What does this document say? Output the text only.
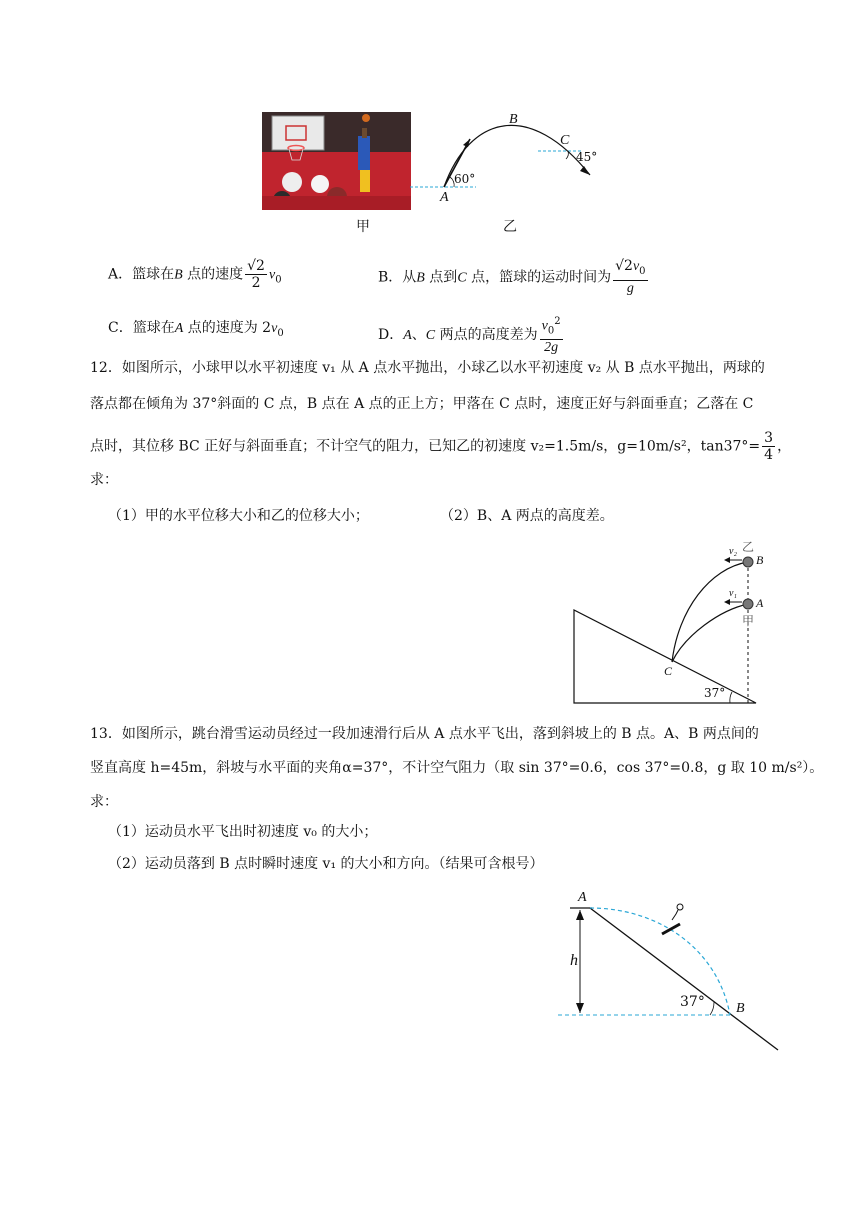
B
C
A
60°
45°
甲	乙
A．篮球在B 点的速度 $\frac{√2}{2} v_0$	B．从B 点到C 点，篮球的运动时间为 $\frac{√2v_0}{g}$
C．篮球在A 点的速度为 $2v_0$	D．A、C 两点的高度差为 $\frac{v_0^2}{2g}$
12．如图所示，小球甲以水平初速度 v₁ 从 A 点水平抛出，小球乙以水平初速度 v₂ 从 B 点水平抛出，两球的
落点都在倾角为 37°斜面的 C 点，B 点在 A 点的正上方；甲落在 C 点时，速度正好与斜面垂直；乙落在 C
点时，其位移 BC 正好与斜面垂直；不计空气的阻力，已知乙的初速度 v₂=1.5m/s，g=10m/s²，$\tan 37^\circ= \frac{3}{4}$ ，
求：
（1）甲的水平位移大小和乙的位移大小；	（2）B、A 两点的高度差。
乙
B
A
甲
v₂
v₁
C
37°
13．如图所示，跳台滑雪运动员经过一段加速滑行后从 A 点水平飞出，落到斜坡上的 B 点。A、B 两点间的
竖直高度 h=45m，斜坡与水平面的夹角α=37°，不计空气阻力（取 sin 37°=0.6，cos 37°=0.8，g 取 10 m/s²）。
求：
（1）运动员水平飞出时初速度 v₀ 的大小；
（2）运动员落到 B 点时瞬时速度 v₁ 的大小和方向。（结果可含根号）
A
h
37° B
